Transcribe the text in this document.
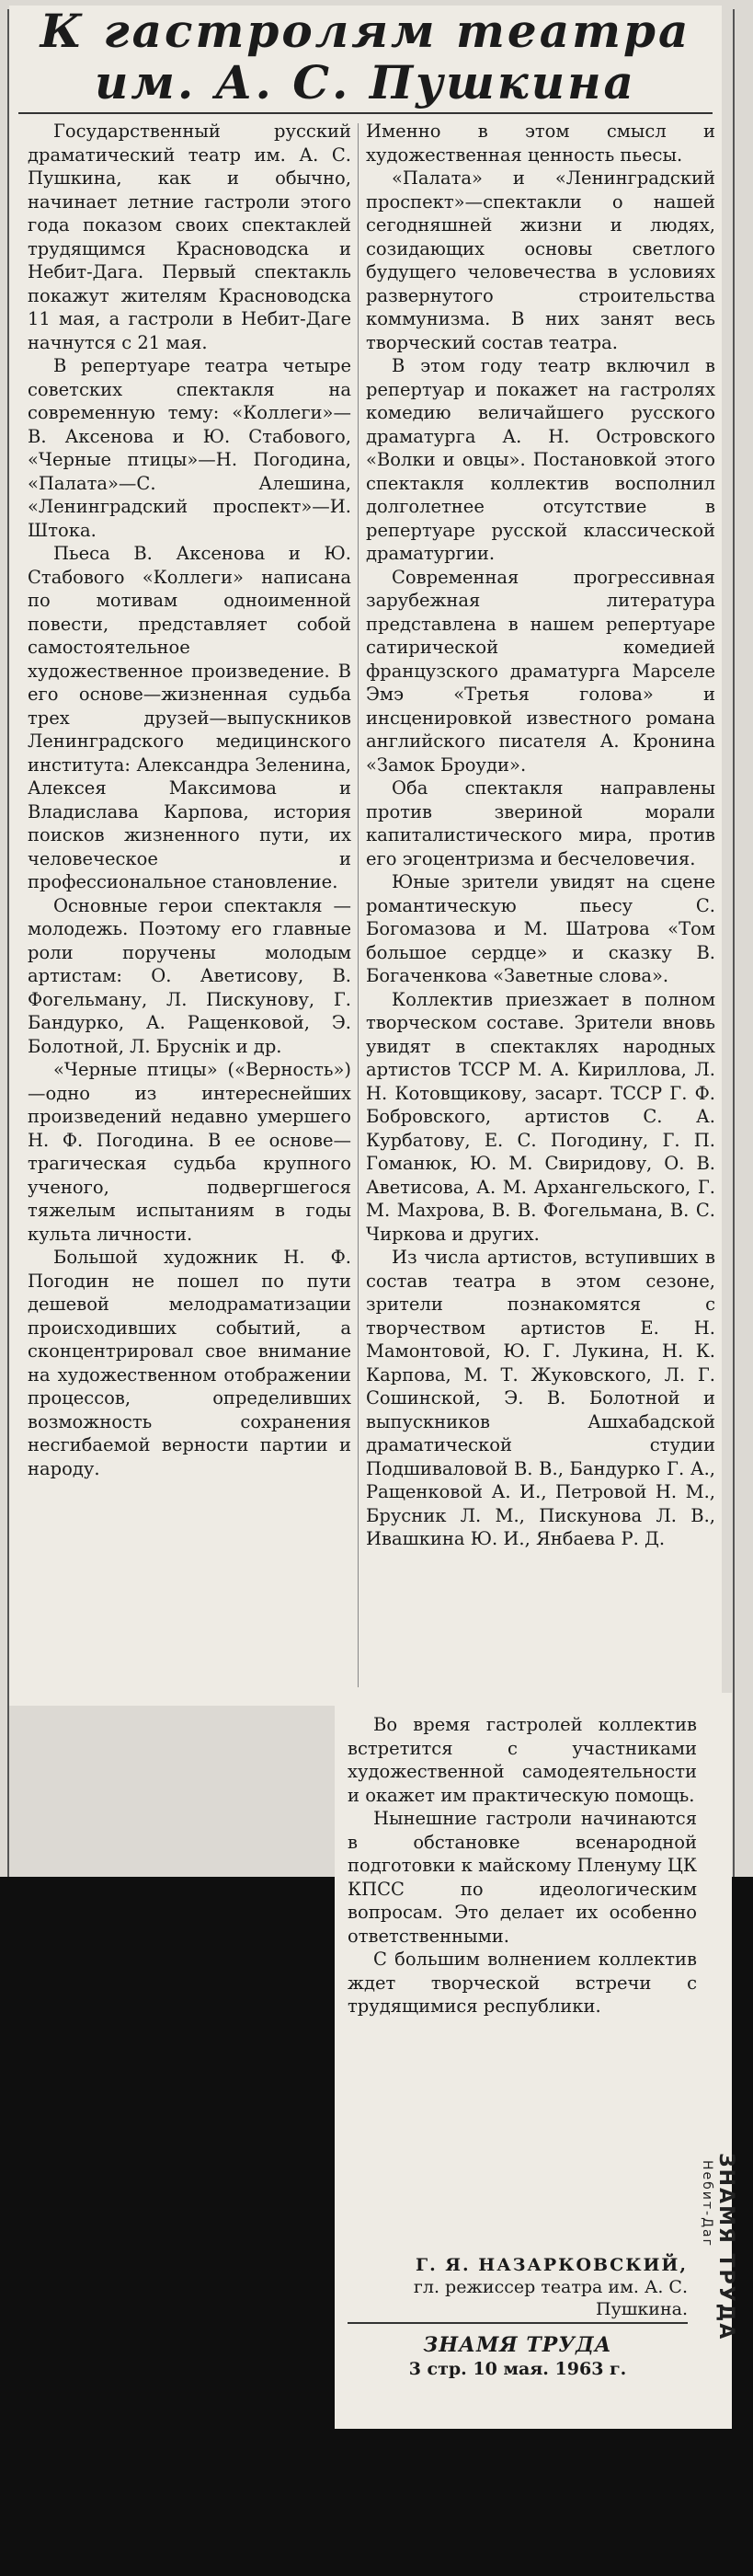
К гастролям театра
им. А. С. Пушкина

Государственный русский драматический театр им. А. С. Пушкина, как и обычно, начинает летние гастроли этого года показом своих спектаклей трудящимся Красноводска и Небит-Дага. Первый спектакль покажут жителям Красноводска 11 мая, а гастроли в Небит-Даге начнутся с 21 мая.

В репертуаре театра четыре советских спектакля на современную тему: «Коллеги»—В. Аксенова и Ю. Стабового, «Черные птицы»—Н. Погодина, «Палата»—С. Алешина, «Ленинградский проспект»—И. Штока.

Пьеса В. Аксенова и Ю. Стабового «Коллеги» написана по мотивам одноименной повести, представляет собой самостоятельное художественное произведение. В его основе—жизненная судьба трех друзей—выпускников Ленинградского медицинского института: Александра Зеленина, Алексея Максимова и Владислава Карпова, история поисков жизненного пути, их человеческое и профессиональное становление.

Основные герои спектакля —молодежь. Поэтому его главные роли поручены молодым артистам: О. Аветисову, В. Фогельману, Л. Пискунову, Г. Бандурко, А. Ращенковой, Э. Болотной, Л. Бруснік и др.

«Черные птицы» («Верность»)—одно из интереснейших произведений недавно умершего Н. Ф. Погодина. В ее основе—трагическая судьба крупного ученого, подвергшегося тяжелым испытаниям в годы культа личности.

Большой художник Н. Ф. Погодин не пошел по пути дешевой мелодраматизации происходивших событий, а сконцентрировал свое внимание на художественном отображении процессов, определивших возможность сохранения несгибаемой верности партии и народу.

Именно в этом смысл и художественная ценность пьесы.

«Палата» и «Ленинградский проспект»—спектакли о нашей сегодняшней жизни и людях, созидающих основы светлого будущего человечества в условиях развернутого строительства коммунизма. В них занят весь творческий состав театра.

В этом году театр включил в репертуар и покажет на гастролях комедию величайшего русского драматурга А. Н. Островского «Волки и овцы». Постановкой этого спектакля коллектив восполнил долголетнее отсутствие в репертуаре русской классической драматургии.

Современная прогрессивная зарубежная литература представлена в нашем репертуаре сатирической комедией французского драматурга Марселе Эмэ «Третья голова» и инсценировкой известного романа английского писателя А. Кронина «Замок Броуди».

Оба спектакля направлены против звериной морали капиталистического мира, против его эгоцентризма и бесчеловечия.

Юные зрители увидят на сцене романтическую пьесу С. Богомазова и М. Шатрова «Том большое сердце» и сказку В. Богаченкова «Заветные слова».

Коллектив приезжает в полном творческом составе. Зрители вновь увидят в спектаклях народных артистов ТССР М. А. Кириллова, Л. Н. Котовщикову, засарт. ТССР Г. Ф. Бобровского, артистов С. А. Курбатову, Е. С. Погодину, Г. П. Гоманюк, Ю. М. Свиридову, О. В. Аветисова, А. М. Архангельского, Г. М. Махрова, В. В. Фогельмана, В. С. Чиркова и других.

Из числа артистов, вступивших в состав театра в этом сезоне, зрители познакомятся с творчеством артистов Е. Н. Мамонтовой, Ю. Г. Лукина, Н. К. Карпова, М. Т. Жуковского, Л. Г. Сошинской, Э. В. Болотной и выпускников Ашхабадской драматической студии Подшиваловой В. В., Бандурко Г. А., Ращенковой А. И., Петровой Н. М., Брусник Л. М., Пискунова Л. В., Ивашкина Ю. И., Янбаева Р. Д.

Во время гастролей коллектив встретится с участниками художественной самодеятельности и окажет им практическую помощь.

Нынешние гастроли начинаются в обстановке всенародной подготовки к майскому Пленуму ЦК КПСС по идеологическим вопросам. Это делает их особенно ответственными.

С большим волнением коллектив ждет творческой встречи с трудящимися республики.

Г. Я. НАЗАРКОВСКИЙ,
гл. режиссер театра им. А. С. Пушкина.
ЗНАМЯ ТРУДА
3 стр. 10 мая. 1963 г.
ЗНАМЯ ТРУДА
Небит-Даг
